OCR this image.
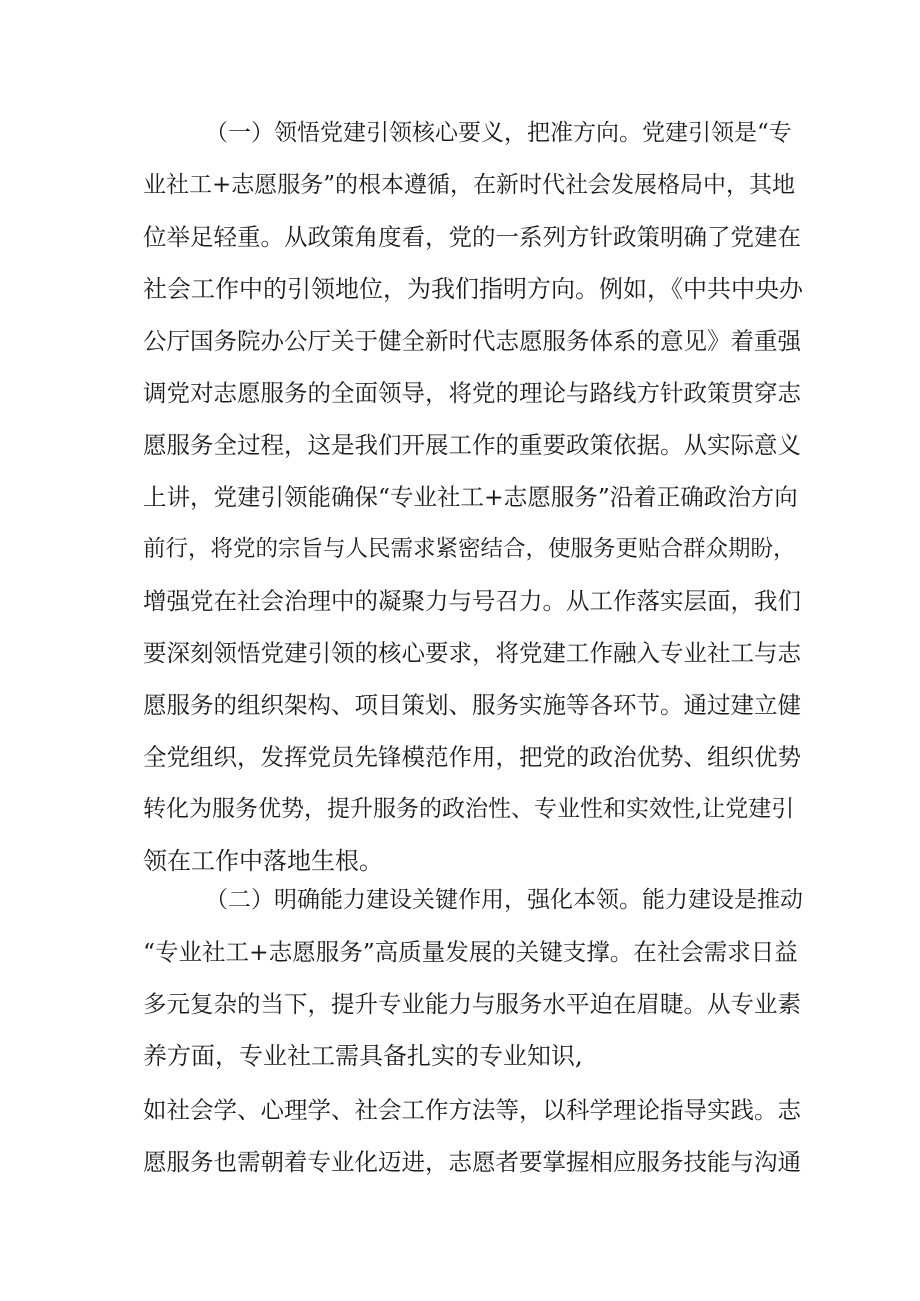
（一）领悟党建引领核心要义，把准方向。党建引领是“专
业社工+志愿服务”的根本遵循，在新时代社会发展格局中，其地
位举足轻重。从政策角度看，党的一系列方针政策明确了党建在
社会工作中的引领地位，为我们指明方向。例如，《中共中央办
公厅国务院办公厅关于健全新时代志愿服务体系的意见》着重强
调党对志愿服务的全面领导，将党的理论与路线方针政策贯穿志
愿服务全过程，这是我们开展工作的重要政策依据。从实际意义
上讲，党建引领能确保“专业社工+志愿服务”沿着正确政治方向
前行，将党的宗旨与人民需求紧密结合，使服务更贴合群众期盼，
增强党在社会治理中的凝聚力与号召力。从工作落实层面，我们
要深刻领悟党建引领的核心要求，将党建工作融入专业社工与志
愿服务的组织架构、项目策划、服务实施等各环节。通过建立健
全党组织，发挥党员先锋模范作用，把党的政治优势、组织优势
转化为服务优势，提升服务的政治性、专业性和实效性,让党建引
领在工作中落地生根。
（二）明确能力建设关键作用，强化本领。能力建设是推动
“专业社工+志愿服务”高质量发展的关键支撑。在社会需求日益
多元复杂的当下，提升专业能力与服务水平迫在眉睫。从专业素
养方面，专业社工需具备扎实的专业知识,
如社会学、心理学、社会工作方法等，以科学理论指导实践。志
愿服务也需朝着专业化迈进，志愿者要掌握相应服务技能与沟通
